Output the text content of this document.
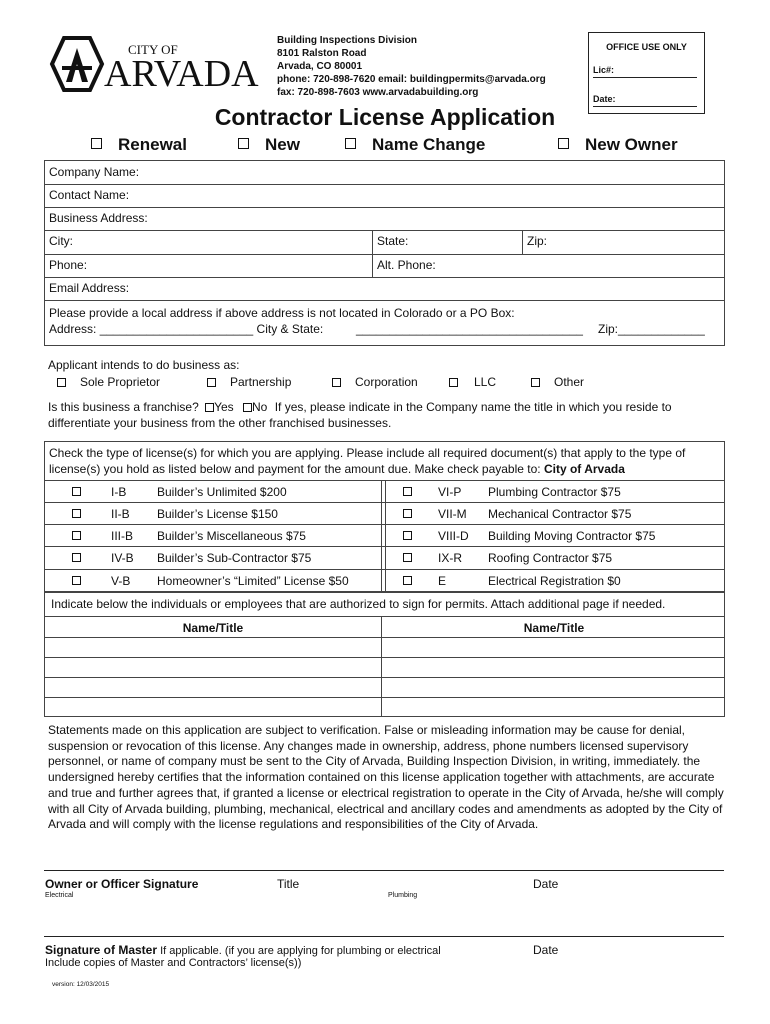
CITY OF
ARVADA
Building Inspections Division
8101 Ralston Road
Arvada, CO 80001
phone: 720-898-7620 email: buildingpermits@arvada.org
fax: 720-898-7603 www.arvadabuilding.org
OFFICE USE ONLY
Lic#:
Date:
Contractor License Application
Renewal	New	Name Change	New Owner
Company Name:
Contact Name:
Business Address:
City:	State:	Zip:
Phone:	Alt. Phone:
Email Address:
Please provide a local address if above address is not located in Colorado or a PO Box:
Address: _______________________ City & State:	__________________________________ Zip:_____________
Applicant intends to do business as:
Sole Proprietor	Partnership	Corporation	LLC	Other
Is this business a franchise? Yes No If yes, please indicate in the Company name the title in which you reside to
differentiate your business from the other franchised businesses.
Check the type of license(s) for which you are applying. Please include all required document(s) that apply to the type of
license(s) you hold as listed below and payment for the amount due. Make check payable to: City of Arvada
I-B	Builder’s Unlimited $200	VI-P Plumbing Contractor $75
II-B Builder’s License $150	VII-M Mechanical Contractor $75
III-B Builder’s Miscellaneous $75	VIII-D Building Moving Contractor $75
IV-B Builder’s Sub-Contractor $75	IX-R Roofing Contractor $75
V-B Homeowner’s “Limited” License $50	E	Electrical Registration $0
Indicate below the individuals or employees that are authorized to sign for permits. Attach additional page if needed.
Name/Title	Name/Title

Statements made on this application are subject to verification. False or misleading information may be cause for denial, suspension or revocation of this license. Any changes made in ownership, address, phone numbers licensed supervisory personnel, or name of company must be sent to the City of Arvada, Building Inspection Division, in writing, immediately. the undersigned hereby certifies that the information contained on this license application together with attachments, are accurate and true and further agrees that, if granted a license or electrical registration to operate in the City of Arvada, he/she will comply with all City of Arvada building, plumbing, mechanical, electrical and ancillary codes and amendments as adopted by the City of Arvada and will comply with the license regulations and responsibilities of the City of Arvada.

Owner or Officer Signature	Title	Date
Electrical	Plumbing
Signature of Master If applicable. (if you are applying for plumbing or electrical	Date
Include copies of Master and Contractors’ license(s))
version: 12/03/2015
